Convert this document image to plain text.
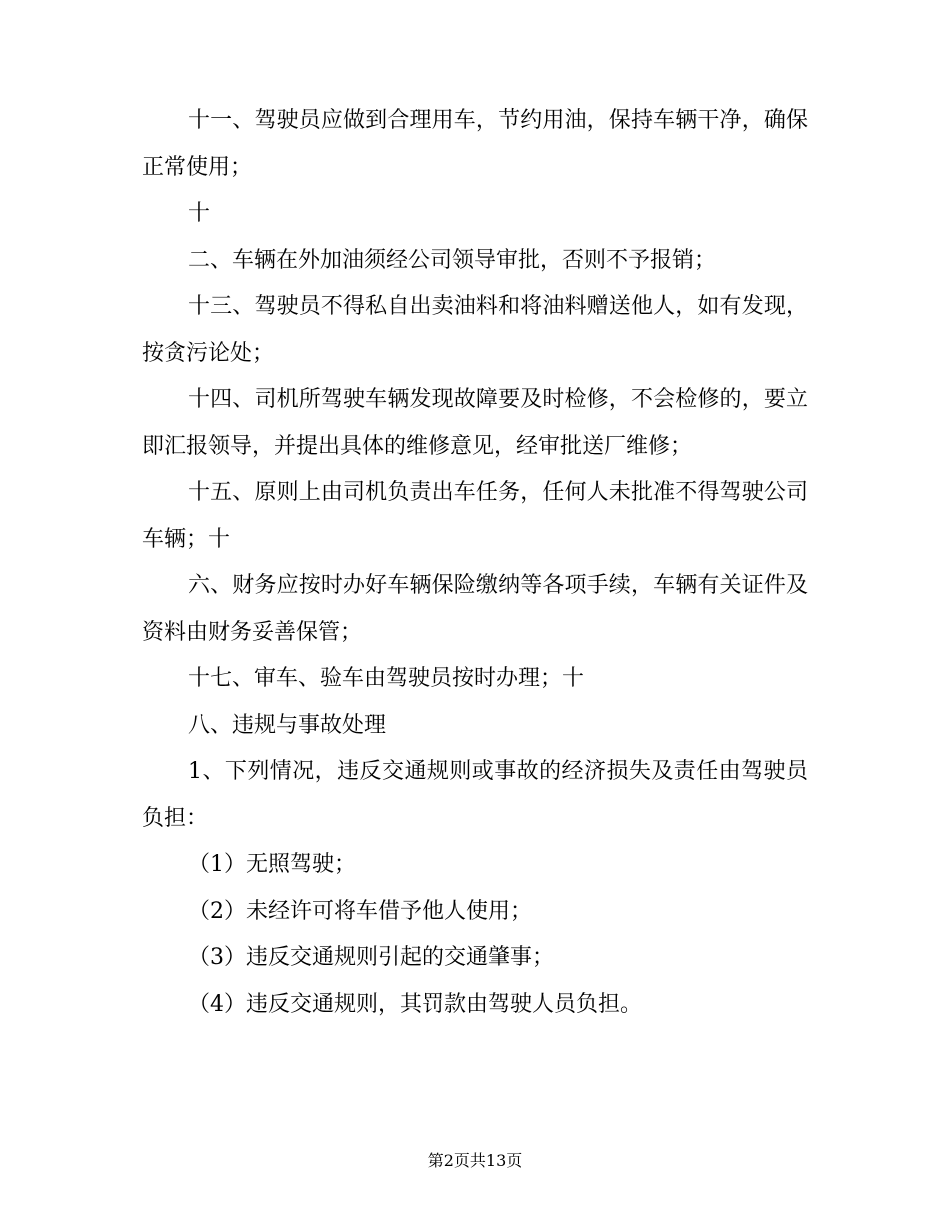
十一、驾驶员应做到合理用车，节约用油，保持车辆干净，确保正常使用；

十

二、车辆在外加油须经公司领导审批，否则不予报销；

十三、驾驶员不得私自出卖油料和将油料赠送他人，如有发现，按贪污论处；

十四、司机所驾驶车辆发现故障要及时检修，不会检修的，要立即汇报领导，并提出具体的维修意见，经审批送厂维修；

十五、原则上由司机负责出车任务，任何人未批准不得驾驶公司车辆；十

六、财务应按时办好车辆保险缴纳等各项手续，车辆有关证件及资料由财务妥善保管；

十七、审车、验车由驾驶员按时办理；十

八、违规与事故处理

1、下列情况，违反交通规则或事故的经济损失及责任由驾驶员负担：

（1）无照驾驶；

（2）未经许可将车借予他人使用；

（3）违反交通规则引起的交通肇事；

（4）违反交通规则，其罚款由驾驶人员负担。

第2页共13页
